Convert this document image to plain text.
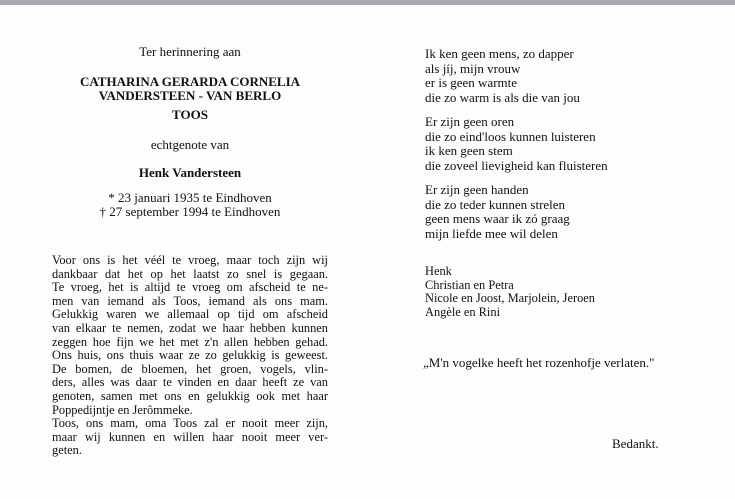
Ter herinnering aan
CATHARINA GERARDA CORNELIA
VANDERSTEEN - VAN BERLO
TOOS
echtgenote van
Henk Vandersteen
* 23 januari 1935 te Eindhoven
† 27 september 1994 te Eindhoven
Voor ons is het véél te vroeg, maar toch zijn wij
dankbaar dat het op het laatst zo snel is gegaan.
Te vroeg, het is altijd te vroeg om afscheid te ne-
men van iemand als Toos, iemand als ons mam.
Gelukkig waren we allemaal op tijd om afscheid
van elkaar te nemen, zodat we haar hebben kunnen
zeggen hoe fijn we het met z'n allen hebben gehad.
Ons huis, ons thuis waar ze zo gelukkig is geweest.
De bomen, de bloemen, het groen, vogels, vlin-
ders, alles was daar te vinden en daar heeft ze van
genoten, samen met ons en gelukkig ook met haar
Poppedijntje en Jerômmeke.
Toos, ons mam, oma Toos zal er nooit meer zijn,
maar wij kunnen en willen haar nooit meer ver-
geten.
Ik ken geen mens, zo dapper
als jíj, mijn vrouw
er is geen warmte
die zo warm is als die van jou
Er zijn geen oren
die zo eind'loos kunnen luisteren
ik ken geen stem
die zoveel lievigheid kan fluisteren
Er zijn geen handen
die zo teder kunnen strelen
geen mens waar ik zó graag
mijn liefde mee wil delen
Henk
Christian en Petra
Nicole en Joost, Marjolein, Jeroen
Angèle en Rini
„M'n vogelke heeft het rozenhofje verlaten."
Bedankt.
